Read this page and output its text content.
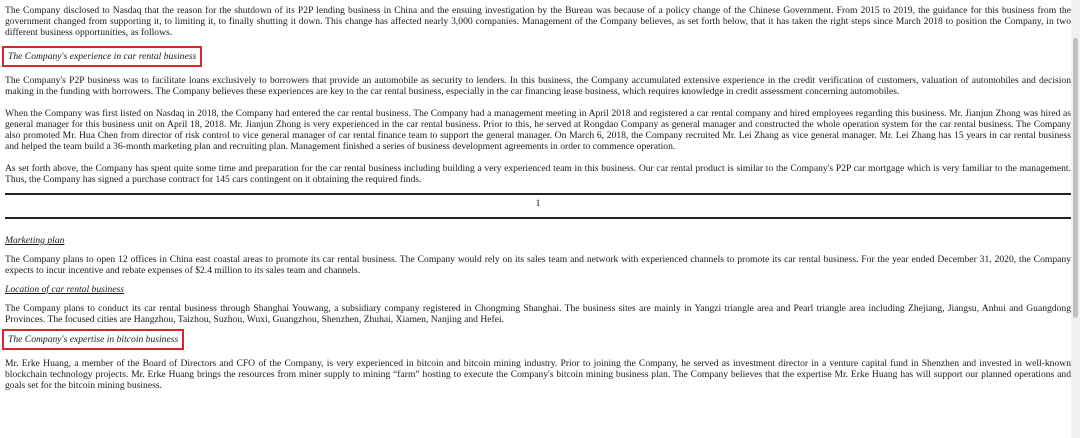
The Company disclosed to Nasdaq that the reason for the shutdown of its P2P lending business in China and the ensuing investigation by the Bureau was because of a policy change of the Chinese Government. From 2015 to 2019, the guidance for this business from the government changed from supporting it, to limiting it, to finally shutting it down. This change has affected nearly 3,000 companies. Management of the Company believes, as set forth below, that it has taken the right steps since March 2018 to position the Company, in two different business opportunities, as follows.

The Company's experience in car rental business

The Company's P2P business was to facilitate loans exclusively to borrowers that provide an automobile as security to lenders. In this business, the Company accumulated extensive experience in the credit verification of customers, valuation of automobiles and decision making in the funding with borrowers. The Company believes these experiences are key to the car rental business, especially in the car financing lease business, which requires knowledge in credit assessment concerning automobiles.

When the Company was first listed on Nasdaq in 2018, the Company had entered the car rental business. The Company had a management meeting in April 2018 and registered a car rental company and hired employees regarding this business. Mr. Jianjun Zhong was hired as general manager for this business unit on April 18, 2018. Mr. Jianjun Zhong is very experienced in the car rental business. Prior to this, he served at Rongdao Company as general manager and constructed the whole operation system for the car rental business. The Company also promoted Mr. Hua Chen from director of risk control to vice general manager of car rental finance team to support the general manager. On March 6, 2018, the Company recruited Mr. Lei Zhang as vice general manager. Mr. Lei Zhang has 15 years in car rental business and helped the team build a 36-month marketing plan and recruiting plan. Management finished a series of business development agreements in order to commence operation.

As set forth above, the Company has spent quite some time and preparation for the car rental business including building a very experienced team in this business. Our car rental product is similar to the Company's P2P car mortgage which is very familiar to the management. Thus, the Company has signed a purchase contract for 145 cars contingent on it obtaining the required finds.

1

Marketing plan

The Company plans to open 12 offices in China east coastal areas to promote its car rental business. The Company would rely on its sales team and network with experienced channels to promote its car rental business. For the year ended December 31, 2020, the Company expects to incur incentive and rebate expenses of $2.4 million to its sales team and channels.

Location of car rental business

The Company plans to conduct its car rental business through Shanghai Youwang, a subsidiary company registered in Chongming Shanghai. The business sites are mainly in Yangzi triangle area and Pearl triangle area including Zhejiang, Jiangsu, Anhui and Guangdong Provinces. The focused cities are Hangzhou, Taizhou, Suzhou, Wuxi, Guangzhou, Shenzhen, Zhuhai, Xiamen, Nanjing and Hefei.

The Company's expertise in bitcoin business

Mr. Erke Huang, a member of the Board of Directors and CFO of the Company, is very experienced in bitcoin and bitcoin mining industry. Prior to joining the Company, he served as investment director in a venture capital fund in Shenzhen and invested in well-known blockchain technology projects. Mr. Erke Huang brings the resources from miner supply to mining “farm” hosting to execute the Company's bitcoin mining business plan. The Company believes that the expertise Mr. Erke Huang has will support our planned operations and goals set for the bitcoin mining business.
